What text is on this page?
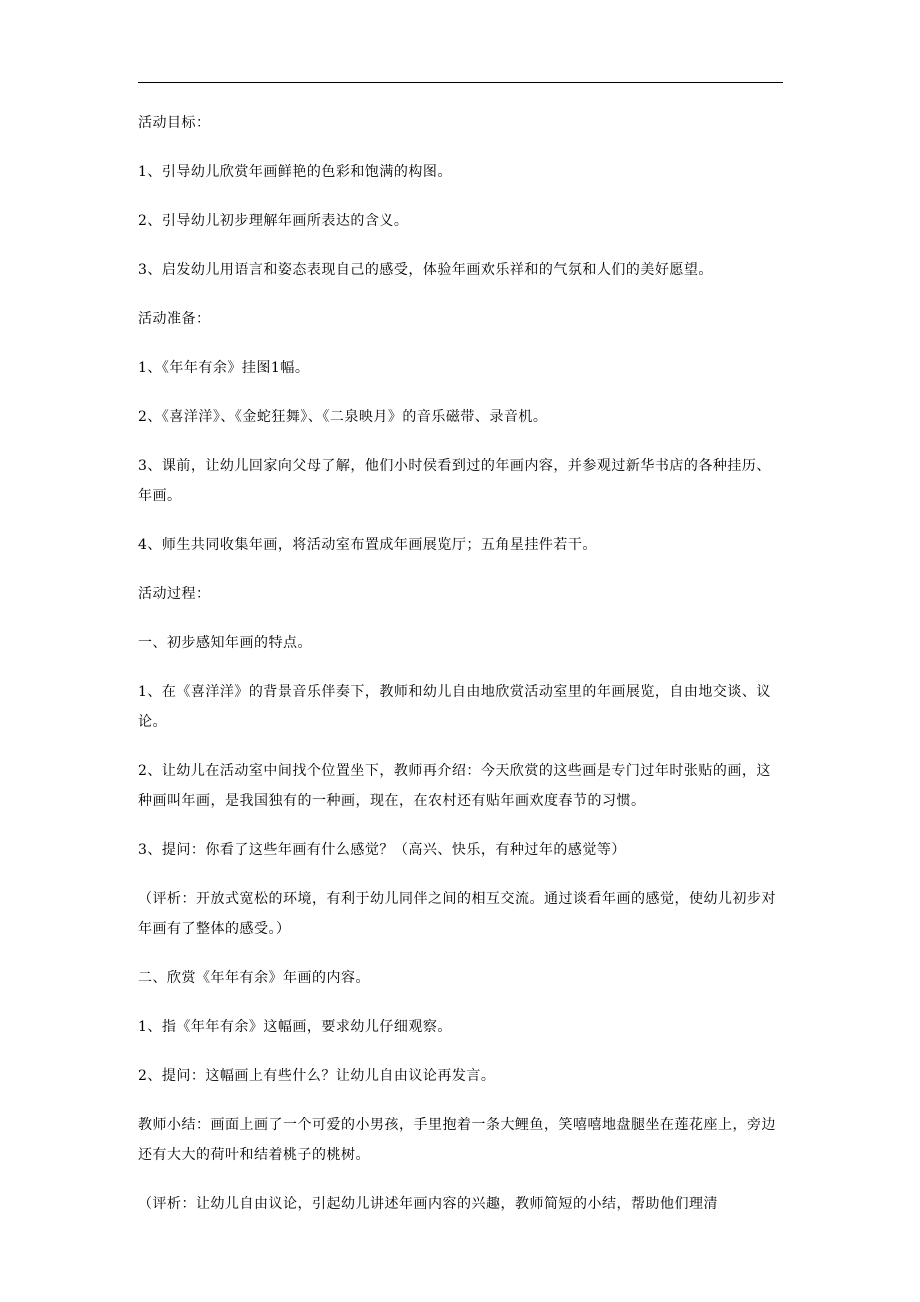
活动目标：

1、引导幼儿欣赏年画鲜艳的色彩和饱满的构图。

2、引导幼儿初步理解年画所表达的含义。

3、启发幼儿用语言和姿态表现自己的感受，体验年画欢乐祥和的气氛和人们的美好愿望。

活动准备：

1、《年年有余》挂图1幅。

2、《喜洋洋》、《金蛇狂舞》、《二泉映月》的音乐磁带、录音机。

3、课前，让幼儿回家向父母了解，他们小时侯看到过的年画内容，并参观过新华书店的各种挂历、年画。

4、师生共同收集年画，将活动室布置成年画展览厅；五角星挂件若干。

活动过程：

一、初步感知年画的特点。

1、在《喜洋洋》的背景音乐伴奏下，教师和幼儿自由地欣赏活动室里的年画展览，自由地交谈、议论。

2、让幼儿在活动室中间找个位置坐下，教师再介绍：今天欣赏的这些画是专门过年时张贴的画，这种画叫年画，是我国独有的一种画，现在，在农村还有贴年画欢度春节的习惯。

3、提问：你看了这些年画有什么感觉？（高兴、快乐，有种过年的感觉等）

（评析：开放式宽松的环境，有利于幼儿同伴之间的相互交流。通过谈看年画的感觉，使幼儿初步对年画有了整体的感受。）

二、欣赏《年年有余》年画的内容。

1、指《年年有余》这幅画，要求幼儿仔细观察。

2、提问：这幅画上有些什么？让幼儿自由议论再发言。

教师小结：画面上画了一个可爱的小男孩，手里抱着一条大鲤鱼，笑嘻嘻地盘腿坐在莲花座上，旁边还有大大的荷叶和结着桃子的桃树。

（评析：让幼儿自由议论，引起幼儿讲述年画内容的兴趣，教师简短的小结，帮助他们理清
